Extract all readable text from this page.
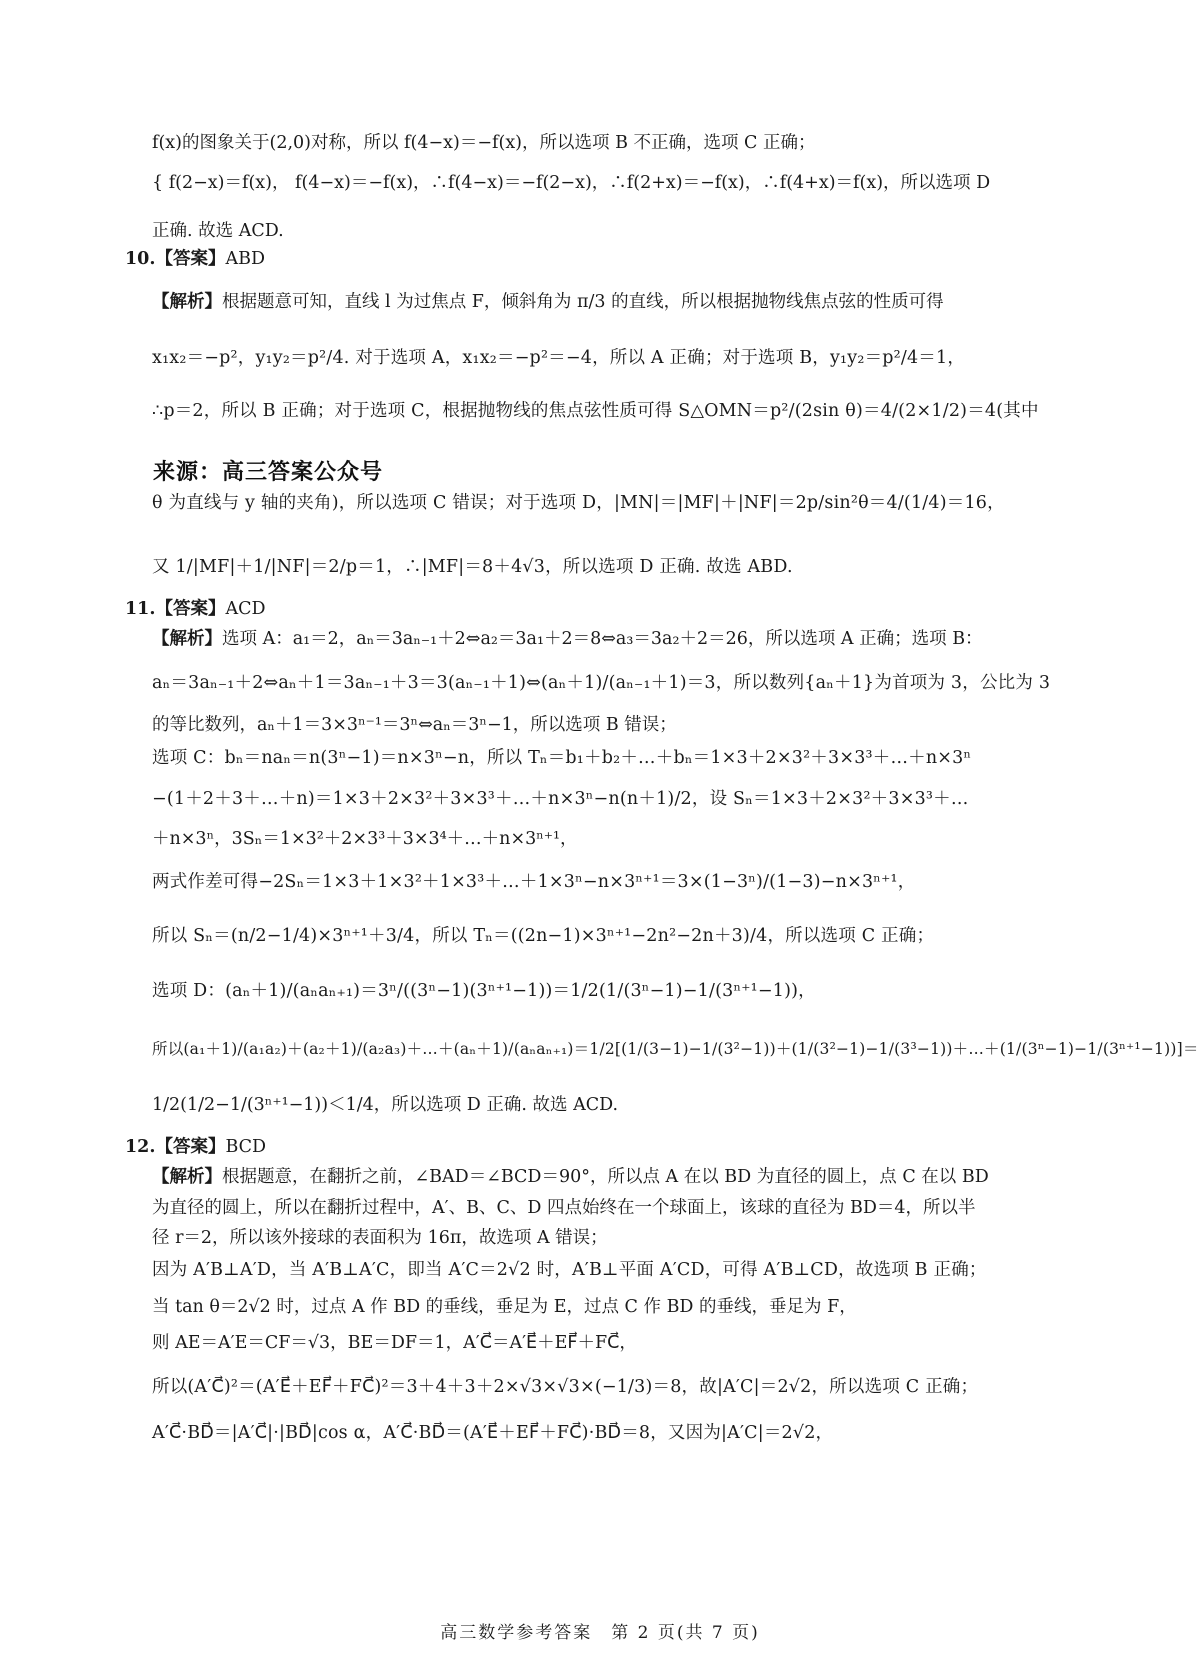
f(x)的图象关于(2,0)对称，所以 f(4−x)＝−f(x)，所以选项 B 不正确，选项 C 正确；
{ f(2−x)＝f(x)， f(4−x)＝−f(x)，∴f(4−x)＝−f(2−x)，∴f(2+x)＝−f(x)，∴f(4+x)＝f(x)，所以选项 D
正确. 故选 ACD.
10.【答案】ABD
【解析】根据题意可知，直线 l 为过焦点 F，倾斜角为 π/3 的直线，所以根据抛物线焦点弦的性质可得
x₁x₂＝−p²，y₁y₂＝p²/4. 对于选项 A，x₁x₂＝−p²＝−4，所以 A 正确；对于选项 B，y₁y₂＝p²/4＝1，
∴p＝2，所以 B 正确；对于选项 C，根据抛物线的焦点弦性质可得 S△OMN＝p²/(2sin θ)＝4/(2×1/2)＝4(其中
来源：高三答案公众号
θ 为直线与 y 轴的夹角)，所以选项 C 错误；对于选项 D，|MN|＝|MF|＋|NF|＝2p/sin²θ＝4/(1/4)＝16，
又 1/|MF|＋1/|NF|＝2/p＝1，∴|MF|＝8＋4√3，所以选项 D 正确. 故选 ABD.
11.【答案】ACD
【解析】选项 A：a₁＝2，aₙ＝3aₙ₋₁＋2⇔a₂＝3a₁＋2＝8⇔a₃＝3a₂＋2＝26，所以选项 A 正确；选项 B：
aₙ＝3aₙ₋₁＋2⇔aₙ＋1＝3aₙ₋₁＋3＝3(aₙ₋₁＋1)⇔(aₙ＋1)/(aₙ₋₁＋1)＝3，所以数列{aₙ＋1}为首项为 3，公比为 3
的等比数列，aₙ＋1＝3×3ⁿ⁻¹＝3ⁿ⇔aₙ＝3ⁿ−1，所以选项 B 错误；
选项 C：bₙ＝naₙ＝n(3ⁿ−1)＝n×3ⁿ−n，所以 Tₙ＝b₁＋b₂＋…＋bₙ＝1×3＋2×3²＋3×3³＋…＋n×3ⁿ
−(1＋2＋3＋…＋n)＝1×3＋2×3²＋3×3³＋…＋n×3ⁿ−n(n＋1)/2，设 Sₙ＝1×3＋2×3²＋3×3³＋…
＋n×3ⁿ，3Sₙ＝1×3²＋2×3³＋3×3⁴＋…＋n×3ⁿ⁺¹，
两式作差可得−2Sₙ＝1×3＋1×3²＋1×3³＋…＋1×3ⁿ−n×3ⁿ⁺¹＝3×(1−3ⁿ)/(1−3)−n×3ⁿ⁺¹，
所以 Sₙ＝(n/2−1/4)×3ⁿ⁺¹＋3/4，所以 Tₙ＝((2n−1)×3ⁿ⁺¹−2n²−2n＋3)/4，所以选项 C 正确；
选项 D：(aₙ＋1)/(aₙaₙ₊₁)＝3ⁿ/((3ⁿ−1)(3ⁿ⁺¹−1))＝1/2(1/(3ⁿ−1)−1/(3ⁿ⁺¹−1))，
所以(a₁＋1)/(a₁a₂)＋(a₂＋1)/(a₂a₃)＋…＋(aₙ＋1)/(aₙaₙ₊₁)＝1/2[(1/(3−1)−1/(3²−1))＋(1/(3²−1)−1/(3³−1))＋…＋(1/(3ⁿ−1)−1/(3ⁿ⁺¹−1))]＝
1/2(1/2−1/(3ⁿ⁺¹−1))＜1/4，所以选项 D 正确. 故选 ACD.
12.【答案】BCD
【解析】根据题意，在翻折之前，∠BAD＝∠BCD＝90°，所以点 A 在以 BD 为直径的圆上，点 C 在以 BD
为直径的圆上，所以在翻折过程中，A′、B、C、D 四点始终在一个球面上，该球的直径为 BD＝4，所以半
径 r＝2，所以该外接球的表面积为 16π，故选项 A 错误；
因为 A′B⊥A′D，当 A′B⊥A′C，即当 A′C＝2√2 时，A′B⊥平面 A′CD，可得 A′B⊥CD，故选项 B 正确；
当 tan θ＝2√2 时，过点 A 作 BD 的垂线，垂足为 E，过点 C 作 BD 的垂线，垂足为 F，
则 AE＝A′E＝CF＝√3，BE＝DF＝1，A′C⃗＝A′E⃗＋EF⃗＋FC⃗，
所以(A′C⃗)²＝(A′E⃗＋EF⃗＋FC⃗)²＝3＋4＋3＋2×√3×√3×(−1/3)＝8，故|A′C|＝2√2，所以选项 C 正确；
A′C⃗·BD⃗＝|A′C⃗|·|BD⃗|cos α，A′C⃗·BD⃗＝(A′E⃗＋EF⃗＋FC⃗)·BD⃗＝8，又因为|A′C|＝2√2，
高三数学参考答案　第 2 页(共 7 页)
